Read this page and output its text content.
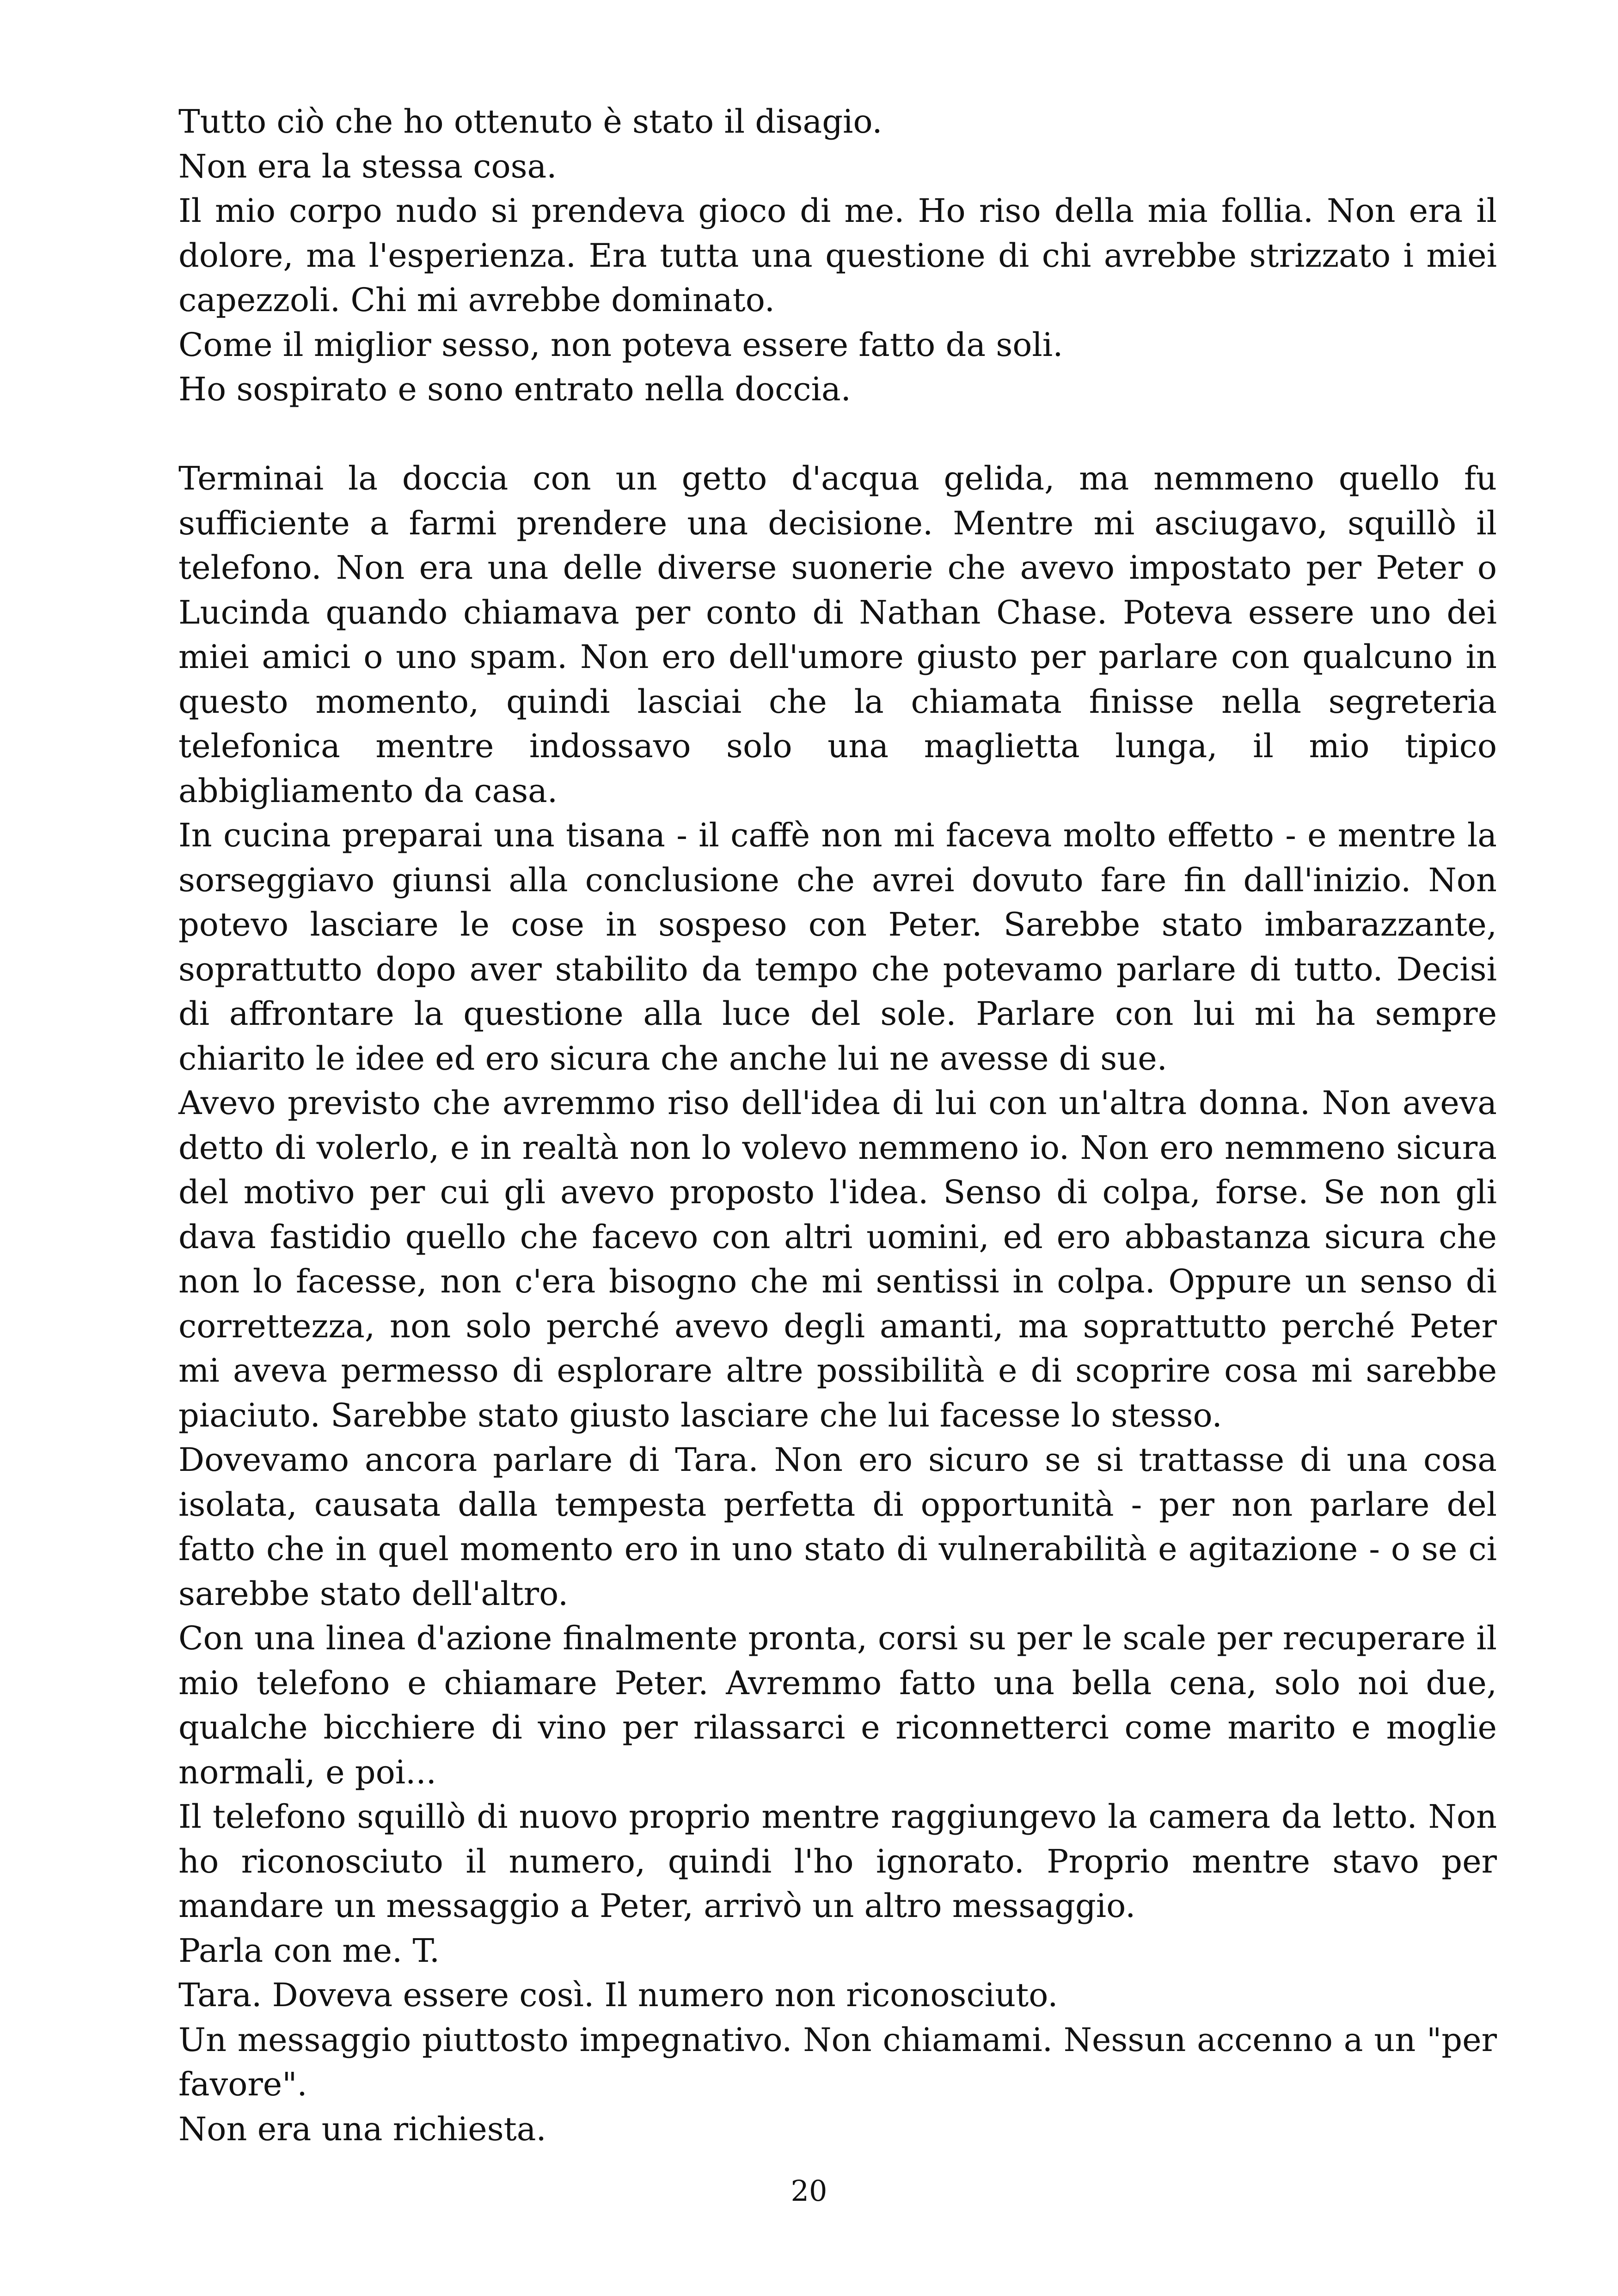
Tutto ciò che ho ottenuto è stato il disagio.

Non era la stessa cosa.

Il mio corpo nudo si prendeva gioco di me. Ho riso della mia follia. Non era il dolore, ma l'esperienza. Era tutta una questione di chi avrebbe strizzato i miei capezzoli. Chi mi avrebbe dominato.

Come il miglior sesso, non poteva essere fatto da soli.

Ho sospirato e sono entrato nella doccia.

Terminai la doccia con un getto d'acqua gelida, ma nemmeno quello fu sufficiente a farmi prendere una decisione. Mentre mi asciugavo, squillò il telefono. Non era una delle diverse suonerie che avevo impostato per Peter o Lucinda quando chiamava per conto di Nathan Chase. Poteva essere uno dei miei amici o uno spam. Non ero dell'umore giusto per parlare con qualcuno in questo momento, quindi lasciai che la chiamata finisse nella segreteria telefonica mentre indossavo solo una maglietta lunga, il mio tipico abbigliamento da casa.

In cucina preparai una tisana - il caffè non mi faceva molto effetto - e mentre la sorseggiavo giunsi alla conclusione che avrei dovuto fare fin dall'inizio. Non potevo lasciare le cose in sospeso con Peter. Sarebbe stato imbarazzante, soprattutto dopo aver stabilito da tempo che potevamo parlare di tutto. Decisi di affrontare la questione alla luce del sole. Parlare con lui mi ha sempre chiarito le idee ed ero sicura che anche lui ne avesse di sue.

Avevo previsto che avremmo riso dell'idea di lui con un'altra donna. Non aveva detto di volerlo, e in realtà non lo volevo nemmeno io. Non ero nemmeno sicura del motivo per cui gli avevo proposto l'idea. Senso di colpa, forse. Se non gli dava fastidio quello che facevo con altri uomini, ed ero abbastanza sicura che non lo facesse, non c'era bisogno che mi sentissi in colpa. Oppure un senso di correttezza, non solo perché avevo degli amanti, ma soprattutto perché Peter mi aveva permesso di esplorare altre possibilità e di scoprire cosa mi sarebbe piaciuto. Sarebbe stato giusto lasciare che lui facesse lo stesso.

Dovevamo ancora parlare di Tara. Non ero sicuro se si trattasse di una cosa isolata, causata dalla tempesta perfetta di opportunità - per non parlare del fatto che in quel momento ero in uno stato di vulnerabilità e agitazione - o se ci sarebbe stato dell'altro.

Con una linea d'azione finalmente pronta, corsi su per le scale per recuperare il mio telefono e chiamare Peter. Avremmo fatto una bella cena, solo noi due, qualche bicchiere di vino per rilassarci e riconnetterci come marito e moglie normali, e poi...

Il telefono squillò di nuovo proprio mentre raggiungevo la camera da letto. Non ho riconosciuto il numero, quindi l'ho ignorato. Proprio mentre stavo per mandare un messaggio a Peter, arrivò un altro messaggio.

Parla con me. T.

Tara. Doveva essere così. Il numero non riconosciuto.

Un messaggio piuttosto impegnativo. Non chiamami. Nessun accenno a un "per favore".

Non era una richiesta.

20
